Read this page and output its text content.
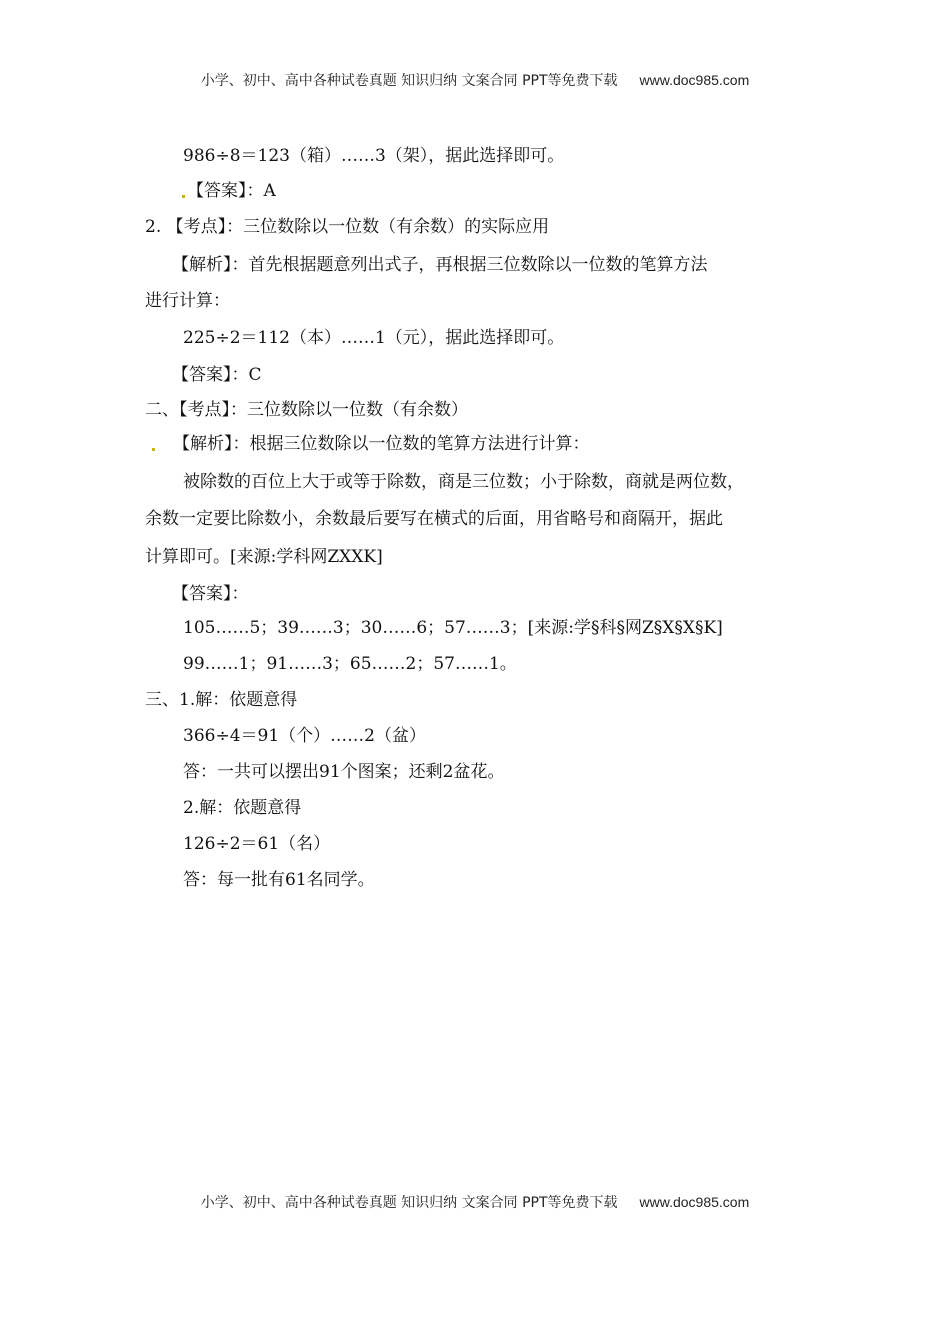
小学、初中、高中各种试卷真题 知识归纳 文案合同 PPT等免费下载 www.doc985.com
986÷8＝123（箱）……3（架），据此选择即可。
【答案】：A
2. 【考点】：三位数除以一位数（有余数）的实际应用
【解析】：首先根据题意列出式子，再根据三位数除以一位数的笔算方法
进行计算：
225÷2＝112（本）……1（元），据此选择即可。
【答案】：C
二、【考点】：三位数除以一位数（有余数）
【解析】：根据三位数除以一位数的笔算方法进行计算：
被除数的百位上大于或等于除数，商是三位数；小于除数，商就是两位数，
余数一定要比除数小，余数最后要写在横式的后面，用省略号和商隔开，据此
计算即可。[来源:学科网ZXXK]
【答案】：
105……5；39……3；30……6；57……3；[来源:学§科§网Z§X§X§K]
99……1；91……3；65……2；57……1。
三、1.解：依题意得
366÷4＝91（个）……2（盆）
答：一共可以摆出91个图案；还剩2盆花。
2.解：依题意得
126÷2＝61（名）
答：每一批有61名同学。
小学、初中、高中各种试卷真题 知识归纳 文案合同 PPT等免费下载 www.doc985.com
